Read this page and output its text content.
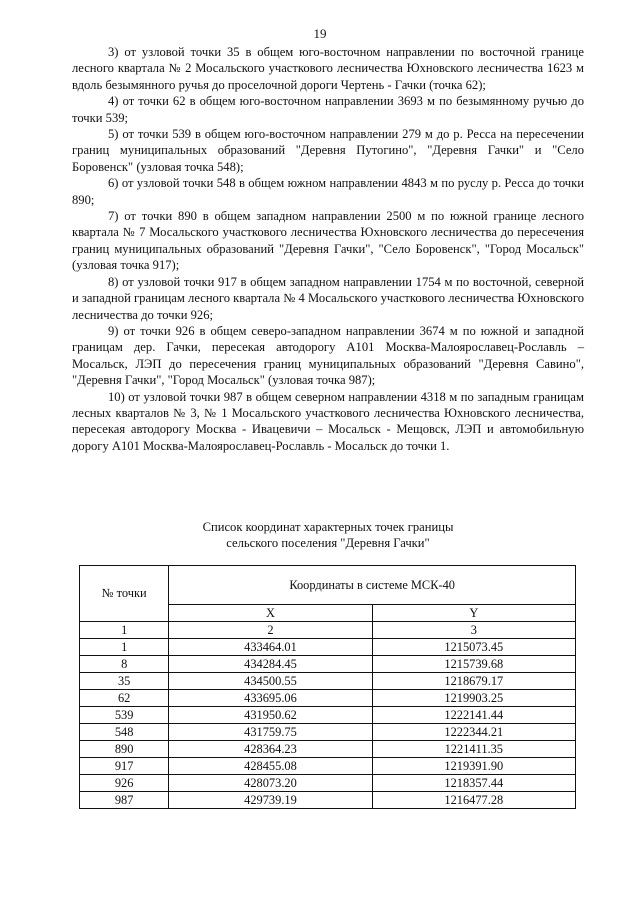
19

3) от узловой точки 35 в общем юго-восточном направлении по восточной границе лесного квартала № 2 Мосальского участкового лесничества Юхновского лесничества 1623 м вдоль безымянного ручья до проселочной дороги Чертень - Гачки (точка 62);

4) от точки 62 в общем юго-восточном направлении 3693 м по безымянному ручью до точки 539;

5) от точки 539 в общем юго-восточном направлении 279 м до р. Ресса на пересечении границ муниципальных образований "Деревня Путогино", "Деревня Гачки" и "Село Боровенск" (узловая точка 548);

6) от узловой точки 548 в общем южном направлении 4843 м по руслу р. Ресса до точки 890;

7) от точки 890 в общем западном направлении 2500 м по южной границе лесного квартала № 7 Мосальского участкового лесничества Юхновского лесничества до пересечения границ муниципальных образований "Деревня Гачки", "Село Боровенск", "Город Мосальск" (узловая точка 917);

8) от узловой точки 917 в общем западном направлении 1754 м по восточной, северной и западной границам лесного квартала № 4 Мосальского участкового лесничества Юхновского лесничества до точки 926;

9) от точки 926 в общем северо-западном направлении 3674 м по южной и западной границам дер. Гачки, пересекая автодорогу А101 Москва-Малоярославец-Рославль – Мосальск, ЛЭП до пересечения границ муниципальных образований "Деревня Савино", "Деревня Гачки", "Город Мосальск" (узловая точка 987);

10) от узловой точки 987 в общем северном направлении 4318 м по западным границам лесных кварталов № 3, № 1 Мосальского участкового лесничества Юхновского лесничества, пересекая автодорогу Москва - Ивацевичи – Мосальск - Мещовск, ЛЭП и автомобильную дорогу А101 Москва-Малоярославец-Рославль - Мосальск до точки 1.

Список координат характерных точек границы
сельского поселения "Деревня Гачки"
№ точки	Координаты в системе МСК-40	
	X	Y
1	2	3
1	433464.01	1215073.45
8	434284.45	1215739.68
35	434500.55	1218679.17
62	433695.06	1219903.25
539	431950.62	1222141.44
548	431759.75	1222344.21
890	428364.23	1221411.35
917	428455.08	1219391.90
926	428073.20	1218357.44
987	429739.19	1216477.28
